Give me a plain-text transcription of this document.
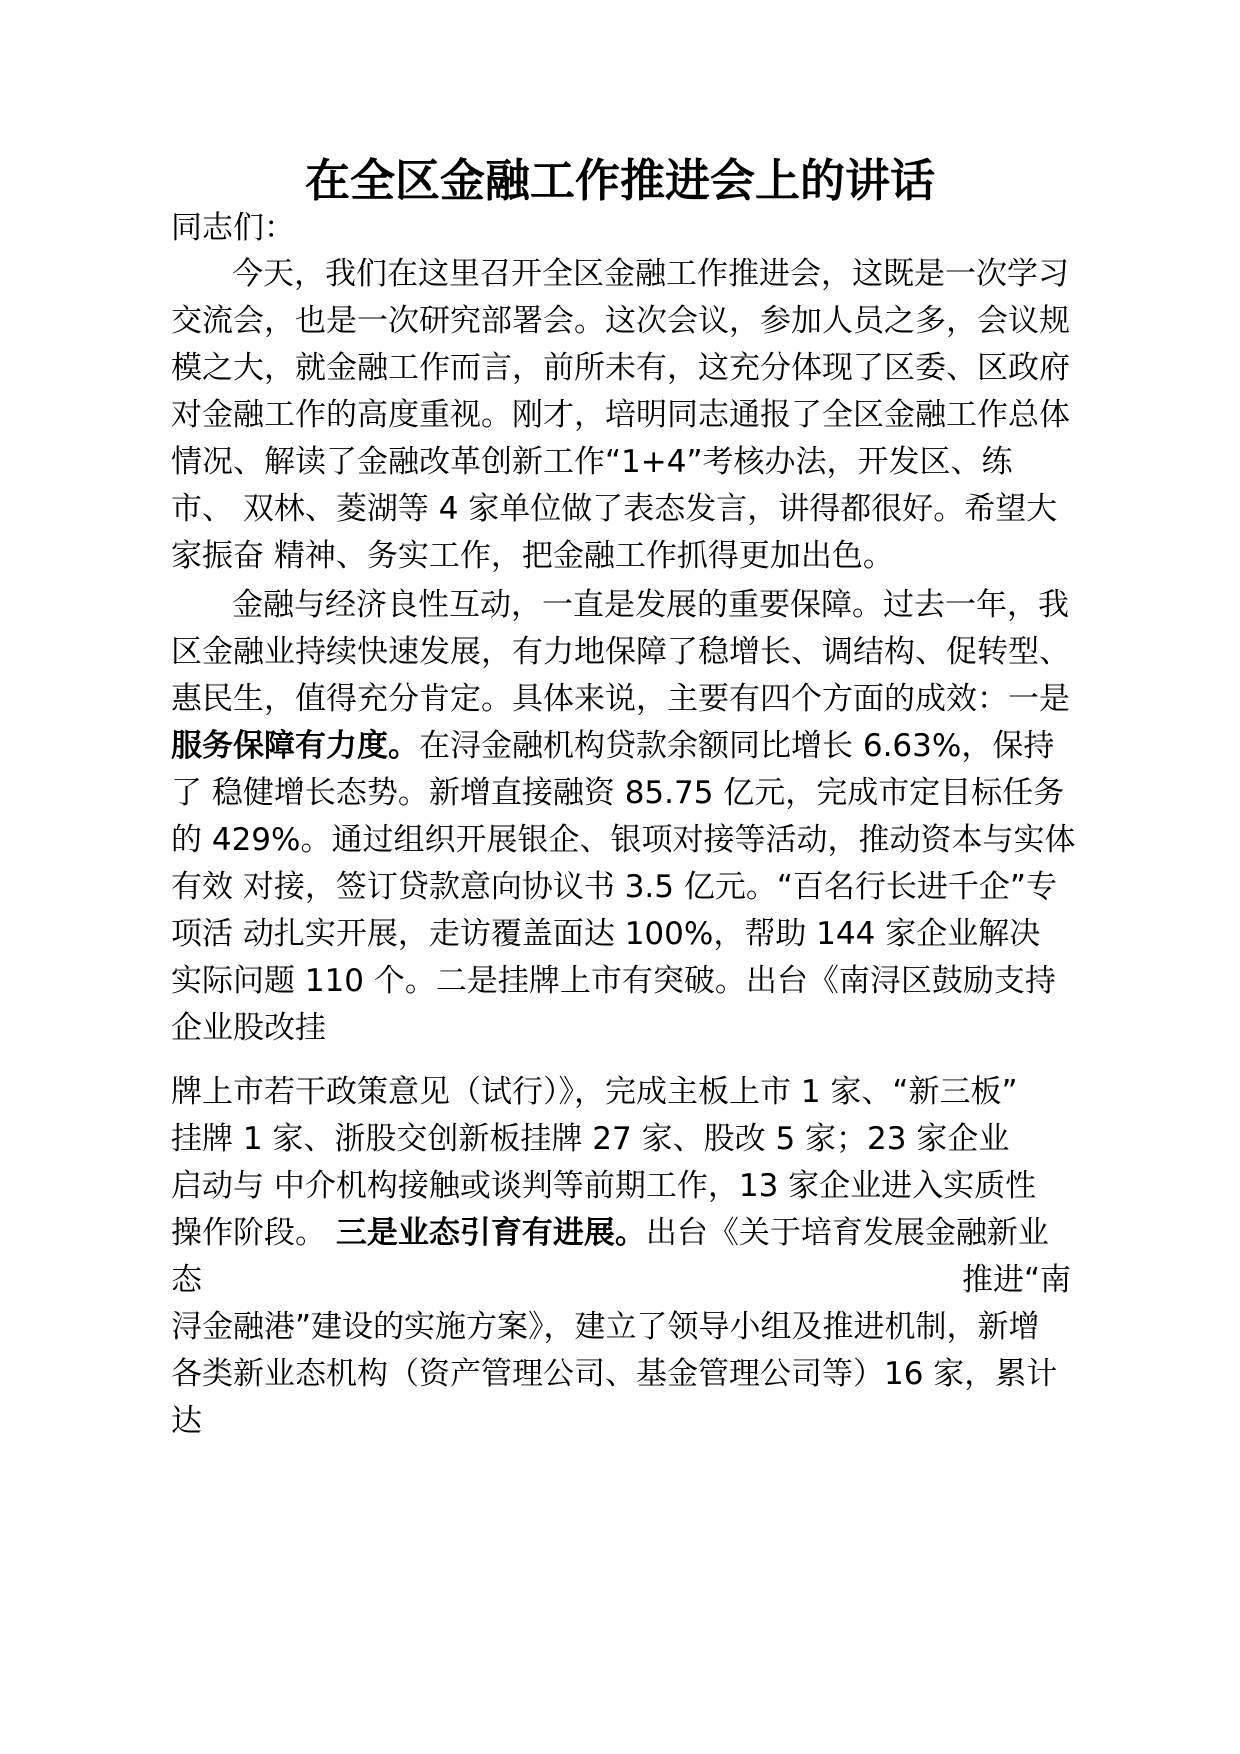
在全区金融工作推进会上的讲话

同志们：

今天，我们在这里召开全区金融工作推进会，这既是一次学习

交流会，也是一次研究部署会。这次会议，参加人员之多，会议规

模之大，就金融工作而言，前所未有，这充分体现了区委、区政府

对金融工作的高度重视。刚才，培明同志通报了全区金融工作总体

情况、解读了金融改革创新工作“1+4”考核办法，开发区、练

市、 双林、菱湖等 4 家单位做了表态发言，讲得都很好。希望大

家振奋 精神、务实工作，把金融工作抓得更加出色。

金融与经济良性互动，一直是发展的重要保障。过去一年，我

区金融业持续快速发展，有力地保障了稳增长、调结构、促转型、

惠民生，值得充分肯定。具体来说，主要有四个方面的成效：一是

服务保障有力度。在浔金融机构贷款余额同比增长 6.63%，保持

了 稳健增长态势。新增直接融资 85.75 亿元，完成市定目标任务

的 429%。通过组织开展银企、银项对接等活动，推动资本与实体

有效 对接，签订贷款意向协议书 3.5 亿元。“百名行长进千企”专

项活 动扎实开展，走访覆盖面达 100%，帮助 144 家企业解决

实际问题 110 个。二是挂牌上市有突破。出台《南浔区鼓励支持

企业股改挂

牌上市若干政策意见（试行）》，完成主板上市 1 家、“新三板”

挂牌 1 家、浙股交创新板挂牌 27 家、股改 5 家；23 家企业

启动与 中介机构接触或谈判等前期工作，13 家企业进入实质性

操作阶段。 三是业态引育有进展。出台《关于培育发展金融新业

态	推进“南

浔金融港”建设的实施方案》，建立了领导小组及推进机制，新增

各类新业态机构（资产管理公司、基金管理公司等）16 家，累计

达
